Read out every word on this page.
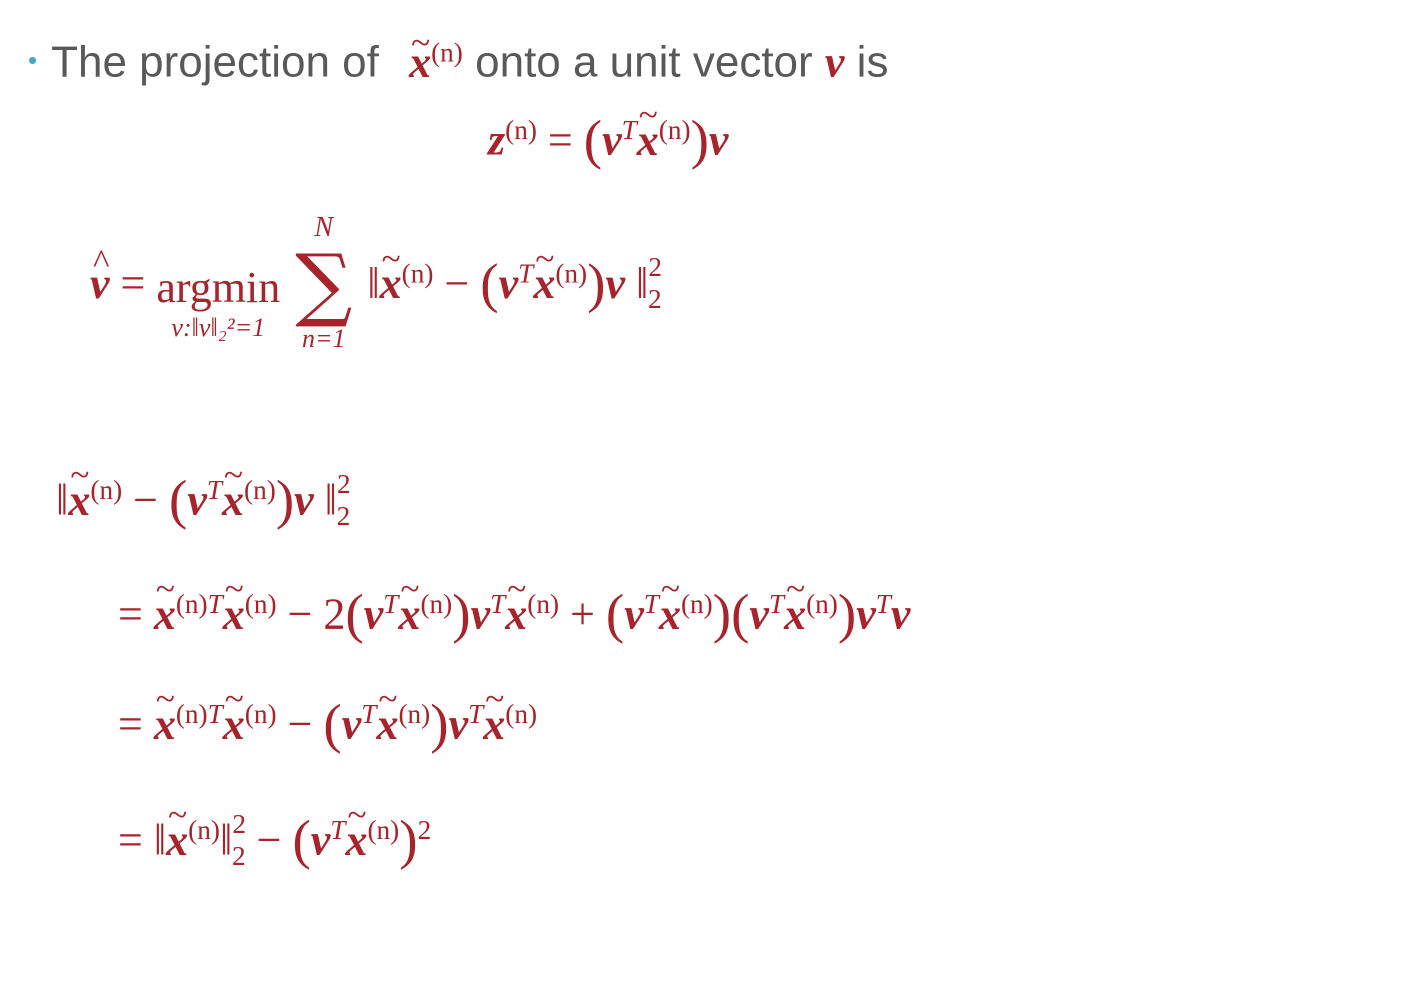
• The projection of ~ $x^{(n)}$ onto a unit vector v is
$z^{(n)}$ = ($v^T\sim$ $x^{(n)})v$
^ v = argmin
v:‖v‖₂²=1

N
∑
n=1
‖~ $x^{(n)}$ − ($v^T\sim$ $x^{(n)})v$ ‖$^2_2$
‖~ $x^{(n)}$ − ($v^T\sim$ $x^{(n)})v$ ‖$^2_2$
= ~ $x^{(n)T}\sim$ $x^{(n)}$ − $2(v^T\sim$ $x^{(n)})v^T\sim$ $x^{(n)}$ + ($v^T\sim$ $x^{(n)})(v^T\sim$ $x^{(n)})v^Tv$
= ~ $x^{(n)T}\sim$ $x^{(n)}$ − ($v^T\sim$ $x^{(n)})v^T\sim$ $x^{(n)}$
= ‖~ $x^{(n)}‖^2_2$ − ($v^T\sim$ $x^{(n)})^2$
